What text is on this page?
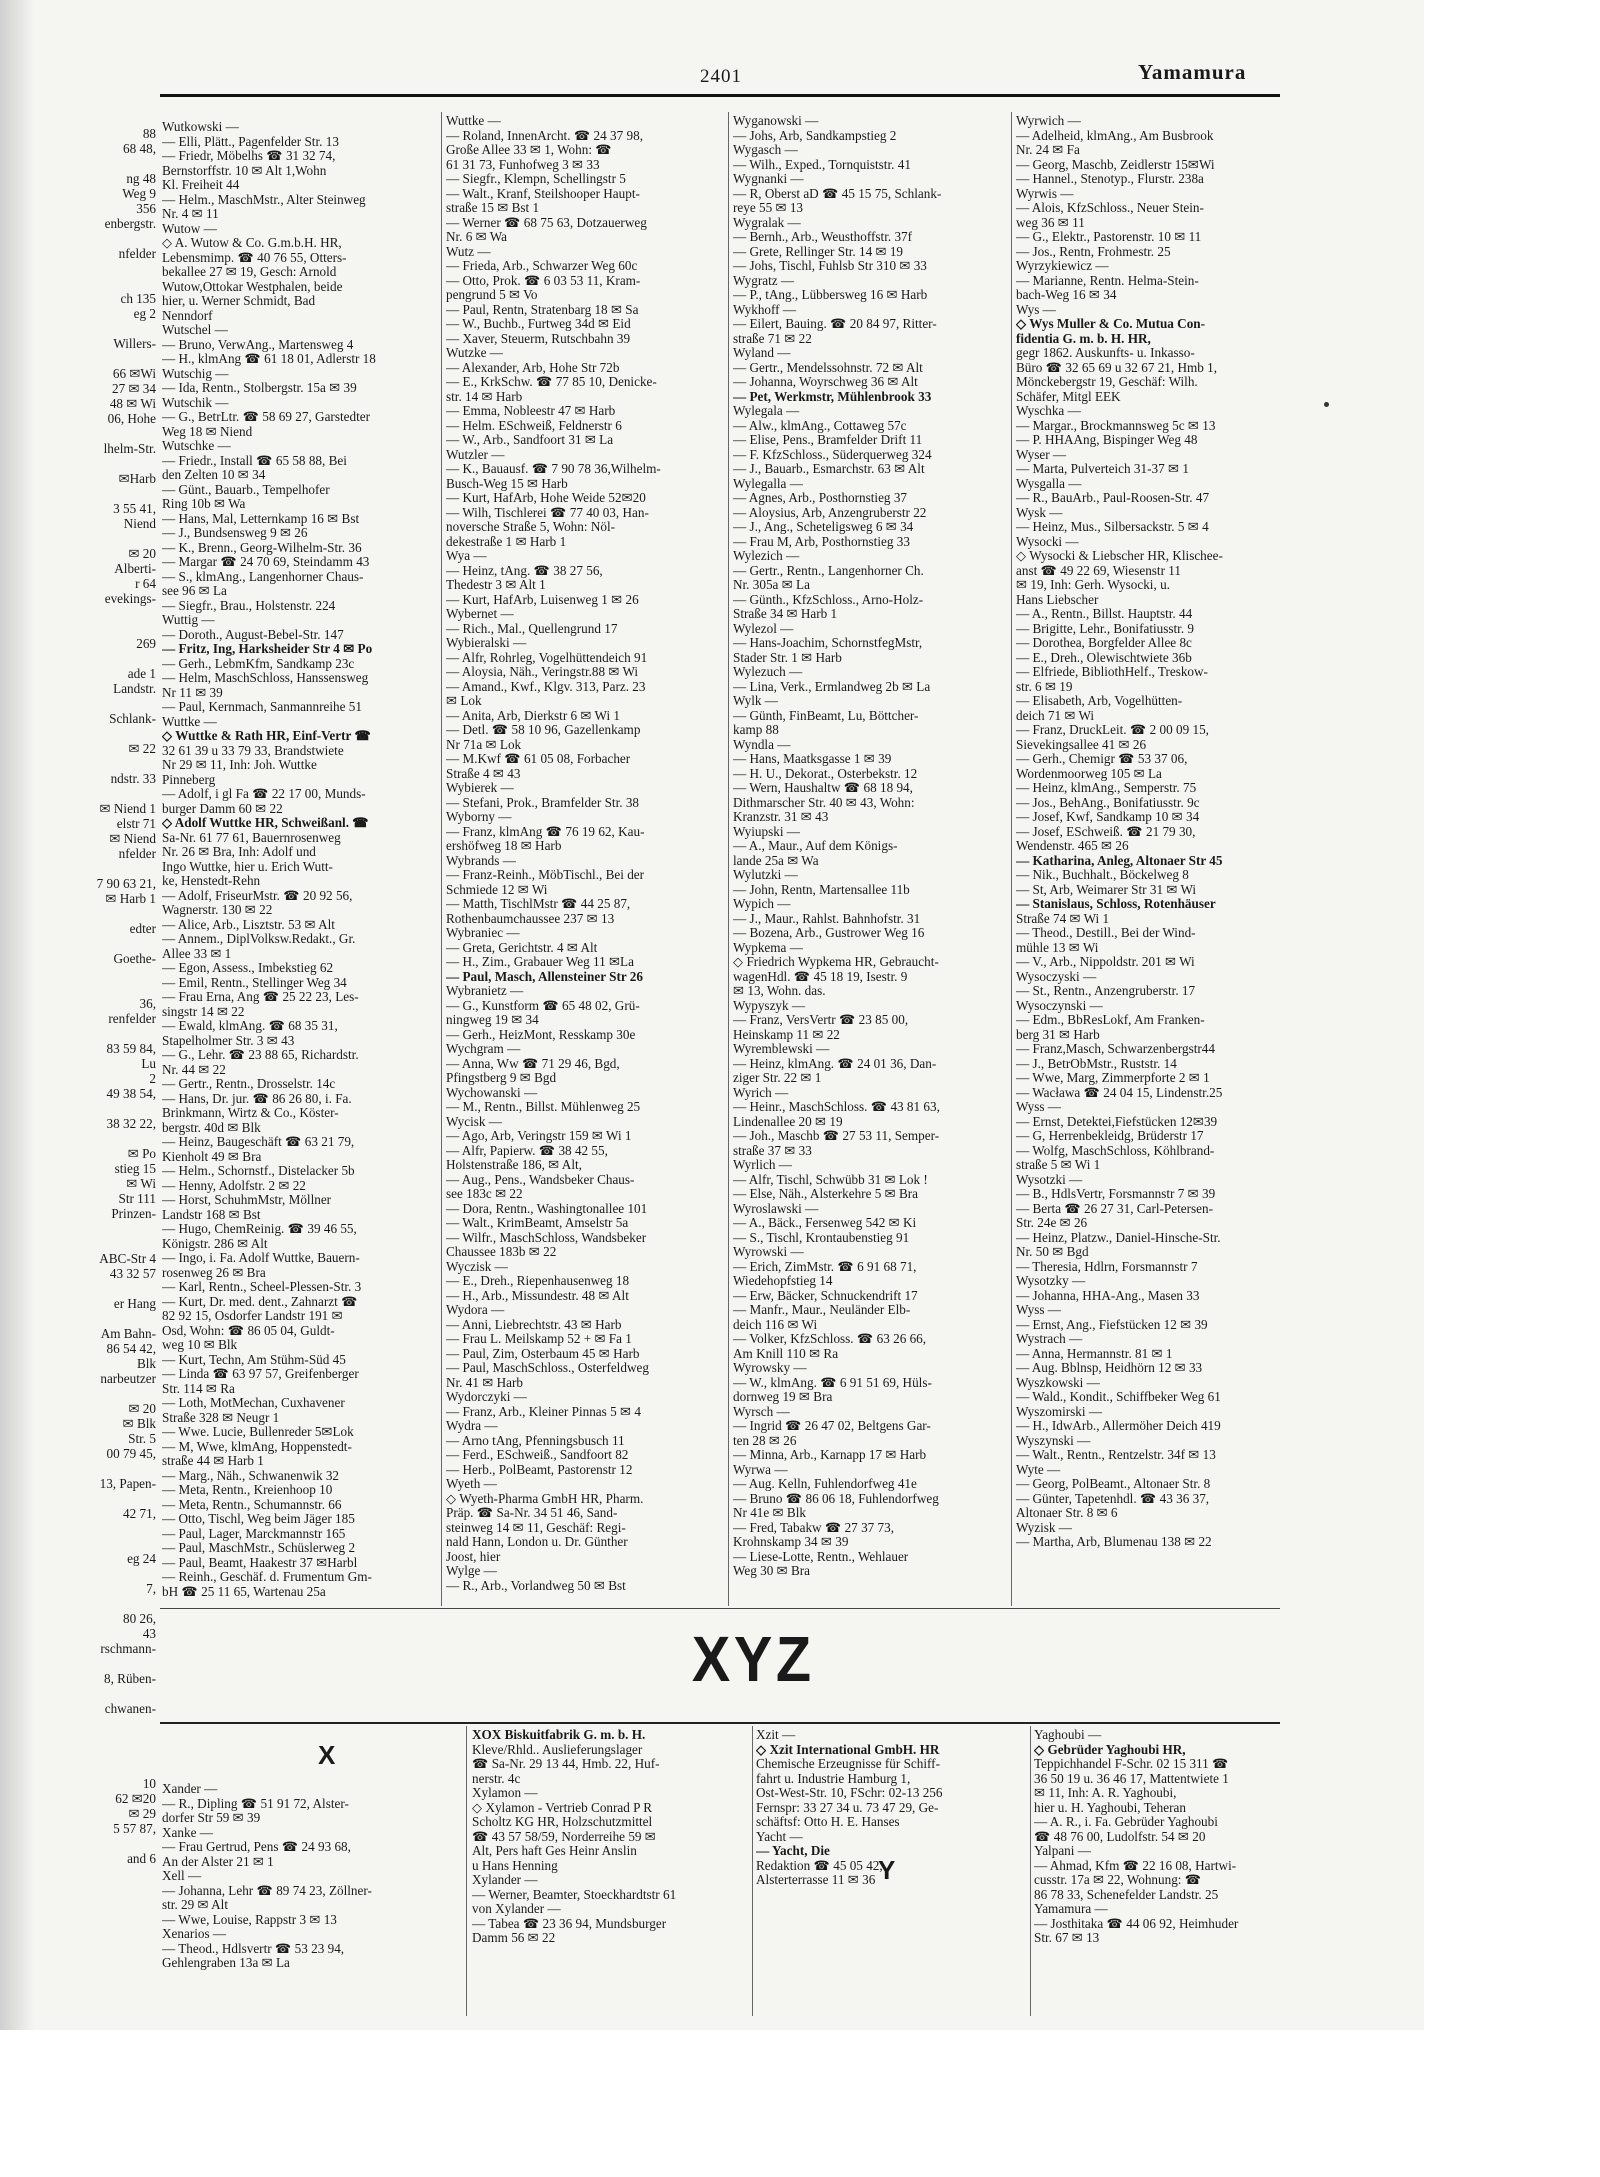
88
68 48,

ng 48
Weg 9
356
enbergstr.

nfelder

ch 135
eg 2

Willers-

66 ✉Wi
27 ✉ 34
48 ✉ Wi
06, Hohe

lhelm-Str.

✉Harb

3 55 41,
Niend

✉ 20
Alberti-
r 64
evekings-

269

ade 1
Landstr.

Schlank-

✉ 22

ndstr. 33

✉ Niend 1
elstr 71
✉ Niend
nfelder

7 90 63 21,
✉ Harb 1

edter

Goethe-

36,
renfelder

83 59 84,
Lu
2
49 38 54,

38 32 22,

✉ Po
stieg 15
✉ Wi
Str 111
Prinzen-

ABC-Str 4
43 32 57

er Hang

Am Bahn-
86 54 42,
Blk
narbeutzer

✉ 20
✉ Blk
Str. 5
00 79 45,

13, Papen-

42 71,

eg 24

7,

80 26,
43
rschmann-

8, Rüben-

chwanen-

10
62 ✉20
✉ 29
5 57 87,

and 6
2401	Yamamura
Wutkowski —
— Elli, Plätt., Pagenfelder Str. 13
— Friedr, Möbelhs ☎ 31 32 74,
Bernstorffstr. 10 ✉ Alt 1,Wohn
Kl. Freiheit 44
— Helm., MaschMstr., Alter Steinweg
Nr. 4 ✉ 11
Wutow —
◇ A. Wutow & Co. G.m.b.H. HR,
Lebensmimp. ☎ 40 76 55, Otters-
bekallee 27 ✉ 19, Gesch: Arnold
Wutow,Ottokar Westphalen, beide
hier, u. Werner Schmidt, Bad
Nenndorf
Wutschel —
— Bruno, VerwAng., Martensweg 4
— H., klmAng ☎ 61 18 01, Adlerstr 18
Wutschig —
— Ida, Rentn., Stolbergstr. 15a ✉ 39
Wutschik —
— G., BetrLtr. ☎ 58 69 27, Garstedter
Weg 18 ✉ Niend
Wutschke —
— Friedr., Install ☎ 65 58 88, Bei
den Zelten 10 ✉ 34
— Günt., Bauarb., Tempelhofer
Ring 10b ✉ Wa
— Hans, Mal, Letternkamp 16 ✉ Bst
— J., Bundsensweg 9 ✉ 26
— K., Brenn., Georg-Wilhelm-Str. 36
— Margar ☎ 24 70 69, Steindamm 43
— S., klmAng., Langenhorner Chaus-
see 96 ✉ La
— Siegfr., Brau., Holstenstr. 224
Wuttig —
— Doroth., August-Bebel-Str. 147
— Fritz, Ing, Harksheider Str 4 ✉ Po
— Gerh., LebmKfm, Sandkamp 23c
— Helm, MaschSchloss, Hanssensweg
Nr 11 ✉ 39
— Paul, Kernmach, Sanmannreihe 51
Wuttke —
◇ Wuttke & Rath HR, Einf-Vertr ☎
32 61 39 u 33 79 33, Brandstwiete
Nr 29 ✉ 11, Inh: Joh. Wuttke
Pinneberg
— Adolf, i gl Fa ☎ 22 17 00, Munds-
burger Damm 60 ✉ 22
◇ Adolf Wuttke HR, Schweißanl. ☎
Sa-Nr. 61 77 61, Bauernrosenweg
Nr. 26 ✉ Bra, Inh: Adolf und
Ingo Wuttke, hier u. Erich Wutt-
ke, Henstedt-Rehn
— Adolf, FriseurMstr. ☎ 20 92 56,
Wagnerstr. 130 ✉ 22
— Alice, Arb., Lisztstr. 53 ✉ Alt
— Annem., DiplVolksw.Redakt., Gr.
Allee 33 ✉ 1
— Egon, Assess., Imbekstieg 62
— Emil, Rentn., Stellinger Weg 34
— Frau Erna, Ang ☎ 25 22 23, Les-
singstr 14 ✉ 22
— Ewald, klmAng. ☎ 68 35 31,
Stapelholmer Str. 3 ✉ 43
— G., Lehr. ☎ 23 88 65, Richardstr.
Nr. 44 ✉ 22
— Gertr., Rentn., Drosselstr. 14c
— Hans, Dr. jur. ☎ 86 26 80, i. Fa.
Brinkmann, Wirtz & Co., Köster-
bergstr. 40d ✉ Blk
— Heinz, Baugeschäft ☎ 63 21 79,
Kienholt 49 ✉ Bra
— Helm., Schornstf., Distelacker 5b
— Henny, Adolfstr. 2 ✉ 22
— Horst, SchuhmMstr, Möllner
Landstr 168 ✉ Bst
— Hugo, ChemReinig. ☎ 39 46 55,
Königstr. 286 ✉ Alt
— Ingo, i. Fa. Adolf Wuttke, Bauern-
rosenweg 26 ✉ Bra
— Karl, Rentn., Scheel-Plessen-Str. 3
— Kurt, Dr. med. dent., Zahnarzt ☎
82 92 15, Osdorfer Landstr 191 ✉
Osd, Wohn: ☎ 86 05 04, Guldt-
weg 10 ✉ Blk
— Kurt, Techn, Am Stühm-Süd 45
— Linda ☎ 63 97 57, Greifenberger
Str. 114 ✉ Ra
— Loth, MotMechan, Cuxhavener
Straße 328 ✉ Neugr 1
— Wwe. Lucie, Bullenreder 5✉Lok
— M, Wwe, klmAng, Hoppenstedt-
straße 44 ✉ Harb 1
— Marg., Näh., Schwanenwik 32
— Meta, Rentn., Kreienhoop 10
— Meta, Rentn., Schumannstr. 66
— Otto, Tischl, Weg beim Jäger 185
— Paul, Lager, Marckmannstr 165
— Paul, MaschMstr., Schüslerweg 2
— Paul, Beamt, Haakestr 37 ✉Harbl
— Reinh., Geschäf. d. Frumentum Gm-
bH ☎ 25 11 65, Wartenau 25a
Wuttke —
— Roland, InnenArcht. ☎ 24 37 98,
Große Allee 33 ✉ 1, Wohn: ☎
61 31 73, Funhofweg 3 ✉ 33
— Siegfr., Klempn, Schellingstr 5
— Walt., Kranf, Steilshooper Haupt-
straße 15 ✉ Bst 1
— Werner ☎ 68 75 63, Dotzauerweg
Nr. 6 ✉ Wa
Wutz —
— Frieda, Arb., Schwarzer Weg 60c
— Otto, Prok. ☎ 6 03 53 11, Kram-
pengrund 5 ✉ Vo
— Paul, Rentn, Stratenbarg 18 ✉ Sa
— W., Buchb., Furtweg 34d ✉ Eid
— Xaver, Steuerm, Rutschbahn 39
Wutzke —
— Alexander, Arb, Hohe Str 72b
— E., KrkSchw. ☎ 77 85 10, Denicke-
str. 14 ✉ Harb
— Emma, Nobleestr 47 ✉ Harb
— Helm. ESchweiß, Feldnerstr 6
— W., Arb., Sandfoort 31 ✉ La
Wutzler —
— K., Bauausf. ☎ 7 90 78 36,Wilhelm-
Busch-Weg 15 ✉ Harb
— Kurt, HafArb, Hohe Weide 52✉20
— Wilh, Tischlerei ☎ 77 40 03, Han-
noversche Straße 5, Wohn: Nöl-
dekestraße 1 ✉ Harb 1
Wya —
— Heinz, tAng. ☎ 38 27 56,
Thedestr 3 ✉ Alt 1
— Kurt, HafArb, Luisenweg 1 ✉ 26
Wybernet —
— Rich., Mal., Quellengrund 17
Wybieralski —
— Alfr, Rohrleg, Vogelhüttendeich 91
— Aloysia, Näh., Veringstr.88 ✉ Wi
— Amand., Kwf., Klgv. 313, Parz. 23
✉ Lok
— Anita, Arb, Dierkstr 6 ✉ Wi 1
— Detl. ☎ 58 10 96, Gazellenkamp
Nr 71a ✉ Lok
— M.Kwf ☎ 61 05 08, Forbacher
Straße 4 ✉ 43
Wybierek —
— Stefani, Prok., Bramfelder Str. 38
Wyborny —
— Franz, klmAng ☎ 76 19 62, Kau-
ershöfweg 18 ✉ Harb
Wybrands —
— Franz-Reinh., MöbTischl., Bei der
Schmiede 12 ✉ Wi
— Matth, TischlMstr ☎ 44 25 87,
Rothenbaumchaussee 237 ✉ 13
Wybraniec —
— Greta, Gerichtstr. 4 ✉ Alt
— H., Zim., Grabauer Weg 11 ✉La
— Paul, Masch, Allensteiner Str 26
Wybranietz —
— G., Kunstform ☎ 65 48 02, Grü-
ningweg 19 ✉ 34
— Gerh., HeizMont, Resskamp 30e
Wychgram —
— Anna, Ww ☎ 71 29 46, Bgd,
Pfingstberg 9 ✉ Bgd
Wychowanski —
— M., Rentn., Billst. Mühlenweg 25
Wycisk —
— Ago, Arb, Veringstr 159 ✉ Wi 1
— Alfr, Papierw. ☎ 38 42 55,
Holstenstraße 186, ✉ Alt,
— Aug., Pens., Wandsbeker Chaus-
see 183c ✉ 22
— Dora, Rentn., Washingtonallee 101
— Walt., KrimBeamt, Amselstr 5a
— Wilfr., MaschSchloss, Wandsbeker
Chaussee 183b ✉ 22
Wyczisk —
— E., Dreh., Riepenhausenweg 18
— H., Arb., Missundestr. 48 ✉ Alt
Wydora —
— Anni, Liebrechtstr. 43 ✉ Harb
— Frau L. Meilskamp 52 + ✉ Fa 1
— Paul, Zim, Osterbaum 45 ✉ Harb
— Paul, MaschSchloss., Osterfeldweg
Nr. 41 ✉ Harb
Wydorczyki —
— Franz, Arb., Kleiner Pinnas 5 ✉ 4
Wydra —
— Arno tAng, Pfenningsbusch 11
— Ferd., ESchweiß., Sandfoort 82
— Herb., PolBeamt, Pastorenstr 12
Wyeth —
◇ Wyeth-Pharma GmbH HR, Pharm.
Präp. ☎ Sa-Nr. 34 51 46, Sand-
steinweg 14 ✉ 11, Geschäf: Regi-
nald Hann, London u. Dr. Günther
Joost, hier
Wylge —
— R., Arb., Vorlandweg 50 ✉ Bst
Wyganowski —
— Johs, Arb, Sandkampstieg 2
Wygasch —
— Wilh., Exped., Tornquiststr. 41
Wygnanki —
— R, Oberst aD ☎ 45 15 75, Schlank-
reye 55 ✉ 13
Wygralak —
— Bernh., Arb., Weusthoffstr. 37f
— Grete, Rellinger Str. 14 ✉ 19
— Johs, Tischl, Fuhlsb Str 310 ✉ 33
Wygratz —
— P., tAng., Lübbersweg 16 ✉ Harb
Wykhoff —
— Eilert, Bauing. ☎ 20 84 97, Ritter-
straße 71 ✉ 22
Wyland —
— Gertr., Mendelssohnstr. 72 ✉ Alt
— Johanna, Woyrschweg 36 ✉ Alt
— Pet, Werkmstr, Mühlenbrook 33
Wylegala —
— Alw., klmAng., Cottaweg 57c
— Elise, Pens., Bramfelder Drift 11
— F. KfzSchloss., Süderquerweg 324
— J., Bauarb., Esmarchstr. 63 ✉ Alt
Wylegalla —
— Agnes, Arb., Posthornstieg 37
— Aloysius, Arb, Anzengruberstr 22
— J., Ang., Scheteligsweg 6 ✉ 34
— Frau M, Arb, Posthornstieg 33
Wylezich —
— Gertr., Rentn., Langenhorner Ch.
Nr. 305a ✉ La
— Günth., KfzSchloss., Arno-Holz-
Straße 34 ✉ Harb 1
Wylezol —
— Hans-Joachim, SchornstfegMstr,
Stader Str. 1 ✉ Harb
Wylezuch —
— Lina, Verk., Ermlandweg 2b ✉ La
Wylk —
— Günth, FinBeamt, Lu, Böttcher-
kamp 88
Wyndla —
— Hans, Maatksgasse 1 ✉ 39
— H. U., Dekorat., Osterbekstr. 12
— Wern, Haushaltw ☎ 68 18 94,
Dithmarscher Str. 40 ✉ 43, Wohn:
Kranzstr. 31 ✉ 43
Wyiupski —
— A., Maur., Auf dem Königs-
lande 25a ✉ Wa
Wylutzki —
— John, Rentn, Martensallee 11b
Wypich —
— J., Maur., Rahlst. Bahnhofstr. 31
— Bozena, Arb., Gustrower Weg 16
Wypkema —
◇ Friedrich Wypkema HR, Gebraucht-
wagenHdl. ☎ 45 18 19, Isestr. 9
✉ 13, Wohn. das.
Wypyszyk —
— Franz, VersVertr ☎ 23 85 00,
Heinskamp 11 ✉ 22
Wyremblewski —
— Heinz, klmAng. ☎ 24 01 36, Dan-
ziger Str. 22 ✉ 1
Wyrich —
— Heinr., MaschSchloss. ☎ 43 81 63,
Lindenallee 20 ✉ 19
— Joh., Maschb ☎ 27 53 11, Semper-
straße 37 ✉ 33
Wyrlich —
— Alfr, Tischl, Schwübb 31 ✉ Lok !
— Else, Näh., Alsterkehre 5 ✉ Bra
Wyroslawski —
— A., Bäck., Fersenweg 542 ✉ Ki
— S., Tischl, Krontaubenstieg 91
Wyrowski —
— Erich, ZimMstr. ☎ 6 91 68 71,
Wiedehopfstieg 14
— Erw, Bäcker, Schnuckendrift 17
— Manfr., Maur., Neuländer Elb-
deich 116 ✉ Wi
— Volker, KfzSchloss. ☎ 63 26 66,
Am Knill 110 ✉ Ra
Wyrowsky —
— W., klmAng. ☎ 6 91 51 69, Hüls-
dornweg 19 ✉ Bra
Wyrsch —
— Ingrid ☎ 26 47 02, Beltgens Gar-
ten 28 ✉ 26
— Minna, Arb., Karnapp 17 ✉ Harb
Wyrwa —
— Aug. Kelln, Fuhlendorfweg 41e
— Bruno ☎ 86 06 18, Fuhlendorfweg
Nr 41e ✉ Blk
— Fred, Tabakw ☎ 27 37 73,
Krohnskamp 34 ✉ 39
— Liese-Lotte, Rentn., Wehlauer
Weg 30 ✉ Bra
Wyrwich —
— Adelheid, klmAng., Am Busbrook
Nr. 24 ✉ Fa
— Georg, Maschb, Zeidlerstr 15✉Wi
— Hannel., Stenotyp., Flurstr. 238a
Wyrwis —
— Alois, KfzSchloss., Neuer Stein-
weg 36 ✉ 11
— G., Elektr., Pastorenstr. 10 ✉ 11
— Jos., Rentn, Frohmestr. 25
Wyrzykiewicz —
— Marianne, Rentn. Helma-Stein-
bach-Weg 16 ✉ 34
Wys —
◇ Wys Muller & Co. Mutua Con-
fidentia G. m. b. H. HR,
gegr 1862. Auskunfts- u. Inkasso-
Büro ☎ 32 65 69 u 32 67 21, Hmb 1,
Mönckebergstr 19, Geschäf: Wilh.
Schäfer, Mitgl EEK
Wyschka —
— Margar., Brockmannsweg 5c ✉ 13
— P. HHAAng, Bispinger Weg 48
Wyser —
— Marta, Pulverteich 31-37 ✉ 1
Wysgalla —
— R., BauArb., Paul-Roosen-Str. 47
Wysk —
— Heinz, Mus., Silbersackstr. 5 ✉ 4
Wysocki —
◇ Wysocki & Liebscher HR, Klischee-
anst ☎ 49 22 69, Wiesenstr 11
✉ 19, Inh: Gerh. Wysocki, u.
Hans Liebscher
— A., Rentn., Billst. Hauptstr. 44
— Brigitte, Lehr., Bonifatiusstr. 9
— Dorothea, Borgfelder Allee 8c
— E., Dreh., Olewischtwiete 36b
— Elfriede, BibliothHelf., Treskow-
str. 6 ✉ 19
— Elisabeth, Arb, Vogelhütten-
deich 71 ✉ Wi
— Franz, DruckLeit. ☎ 2 00 09 15,
Sievekingsallee 41 ✉ 26
— Gerh., Chemigr ☎ 53 37 06,
Wordenmoorweg 105 ✉ La
— Heinz, klmAng., Semperstr. 75
— Jos., BehAng., Bonifatiusstr. 9c
— Josef, Kwf, Sandkamp 10 ✉ 34
— Josef, ESchweiß. ☎ 21 79 30,
Wendenstr. 465 ✉ 26
— Katharina, Anleg, Altonaer Str 45
— Nik., Buchhalt., Böckelweg 8
— St, Arb, Weimarer Str 31 ✉ Wi
— Stanislaus, Schloss, Rotenhäuser
Straße 74 ✉ Wi 1
— Theod., Destill., Bei der Wind-
mühle 13 ✉ Wi
— V., Arb., Nippoldstr. 201 ✉ Wi
Wysoczyski —
— St., Rentn., Anzengruberstr. 17
Wysoczynski —
— Edm., BbResLokf, Am Franken-
berg 31 ✉ Harb
— Franz,Masch, Schwarzenbergstr44
— J., BetrObMstr., Ruststr. 14
— Wwe, Marg, Zimmerpforte 2 ✉ 1
— Wacława ☎ 24 04 15, Lindenstr.25
Wyss —
— Ernst, Detektei,Fiefstücken 12✉39
— G, Herrenbekleidg, Brüderstr 17
— Wolfg, MaschSchloss, Köhlbrand-
straße 5 ✉ Wi 1
Wysotzki —
— B., HdlsVertr, Forsmannstr 7 ✉ 39
— Berta ☎ 26 27 31, Carl-Petersen-
Str. 24e ✉ 26
— Heinz, Platzw., Daniel-Hinsche-Str.
Nr. 50 ✉ Bgd
— Theresia, Hdlrn, Forsmannstr 7
Wysotzky —
— Johanna, HHA-Ang., Masen 33
Wyss —
— Ernst, Ang., Fiefstücken 12 ✉ 39
Wystrach —
— Anna, Hermannstr. 81 ✉ 1
— Aug. Bblnsp, Heidhörn 12 ✉ 33
Wyszkowski —
— Wald., Kondit., Schiffbeker Weg 61
Wyszomirski —
— H., IdwArb., Allermöher Deich 419
Wyszynski —
— Walt., Rentn., Rentzelstr. 34f ✉ 13
Wyte —
— Georg, PolBeamt., Altonaer Str. 8
— Günter, Tapetenhdl. ☎ 43 36 37,
Altonaer Str. 8 ✉ 6
Wyzisk —
— Martha, Arb, Blumenau 138 ✉ 22
XYZ
X
Xander —
— R., Dipling ☎ 51 91 72, Alster-
dorfer Str 59 ✉ 39
Xanke —
— Frau Gertrud, Pens ☎ 24 93 68,
An der Alster 21 ✉ 1
Xell —
— Johanna, Lehr ☎ 89 74 23, Zöllner-
str. 29 ✉ Alt
— Wwe, Louise, Rappstr 3 ✉ 13
Xenarios —
— Theod., Hdlsvertr ☎ 53 23 94,
Gehlengraben 13a ✉ La
XOX Biskuitfabrik G. m. b. H.
Kleve/Rhld.. Auslieferungslager
☎ Sa-Nr. 29 13 44, Hmb. 22, Huf-
nerstr. 4c
Xylamon —
◇ Xylamon - Vertrieb Conrad P R
Scholtz KG HR, Holzschutzmittel
☎ 43 57 58/59, Norderreihe 59 ✉
Alt, Pers haft Ges Heinr Anslin
u Hans Henning
Xylander —
— Werner, Beamter, Stoeckhardtstr 61
von Xylander —
— Tabea ☎ 23 36 94, Mundsburger
Damm 56 ✉ 22
Xzit —
◇ Xzit International GmbH. HR
Chemische Erzeugnisse für Schiff-
fahrt u. Industrie Hamburg 1,
Ost-West-Str. 10, FSchr: 02-13 256
Fernspr: 33 27 34 u. 73 47 29, Ge-
schäftsf: Otto H. E. Hanses
Yacht —
— Yacht, Die
Redaktion ☎ 45 05 42,
Alsterterrasse 11 ✉ 36 Y
Yaghoubi —
◇ Gebrüder Yaghoubi HR,
Teppichhandel F-Schr. 02 15 311 ☎
36 50 19 u. 36 46 17, Mattentwiete 1
✉ 11, Inh: A. R. Yaghoubi,
hier u. H. Yaghoubi, Teheran
— A. R., i. Fa. Gebrüder Yaghoubi
☎ 48 76 00, Ludolfstr. 54 ✉ 20
Yalpani —
— Ahmad, Kfm ☎ 22 16 08, Hartwi-
cusstr. 17a ✉ 22, Wohnung: ☎
86 78 33, Schenefelder Landstr. 25
Yamamura —
— Josthitaka ☎ 44 06 92, Heimhuder
Str. 67 ✉ 13
